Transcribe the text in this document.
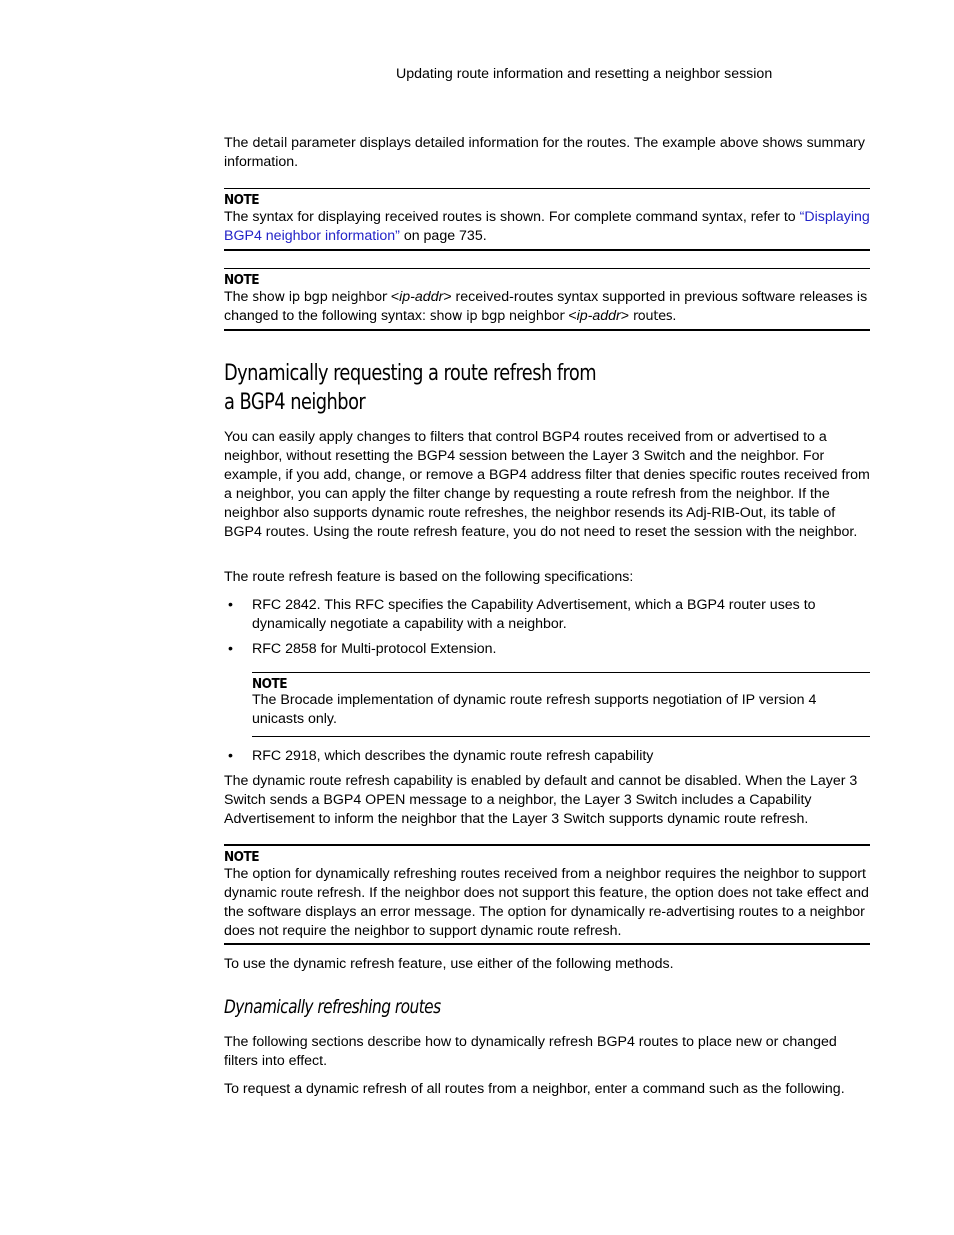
Updating route information and resetting a neighbor session

The detail parameter displays detailed information for the routes. The example above shows summary information.

NOTE

The syntax for displaying received routes is shown. For complete command syntax, refer to “Displaying BGP4 neighbor information” on page 735.

NOTE

The show ip bgp neighbor <ip-addr> received-routes syntax supported in previous software releases is changed to the following syntax: show ip bgp neighbor <ip-addr> routes.

Dynamically requesting a route refresh from
a BGP4 neighbor

You can easily apply changes to filters that control BGP4 routes received from or advertised to a neighbor, without resetting the BGP4 session between the Layer 3 Switch and the neighbor. For example, if you add, change, or remove a BGP4 address filter that denies specific routes received from a neighbor, you can apply the filter change by requesting a route refresh from the neighbor. If the neighbor also supports dynamic route refreshes, the neighbor resends its Adj-RIB-Out, its table of BGP4 routes. Using the route refresh feature, you do not need to reset the session with the neighbor.

The route refresh feature is based on the following specifications:

• RFC 2842. This RFC specifies the Capability Advertisement, which a BGP4 router uses to dynamically negotiate a capability with a neighbor.

• RFC 2858 for Multi-protocol Extension.

NOTE

The Brocade implementation of dynamic route refresh supports negotiation of IP version 4 unicasts only.

• RFC 2918, which describes the dynamic route refresh capability

The dynamic route refresh capability is enabled by default and cannot be disabled. When the Layer 3 Switch sends a BGP4 OPEN message to a neighbor, the Layer 3 Switch includes a Capability Advertisement to inform the neighbor that the Layer 3 Switch supports dynamic route refresh.

NOTE

The option for dynamically refreshing routes received from a neighbor requires the neighbor to support dynamic route refresh. If the neighbor does not support this feature, the option does not take effect and the software displays an error message. The option for dynamically re-advertising routes to a neighbor does not require the neighbor to support dynamic route refresh.

To use the dynamic refresh feature, use either of the following methods.

Dynamically refreshing routes

The following sections describe how to dynamically refresh BGP4 routes to place new or changed filters into effect.

To request a dynamic refresh of all routes from a neighbor, enter a command such as the following.
